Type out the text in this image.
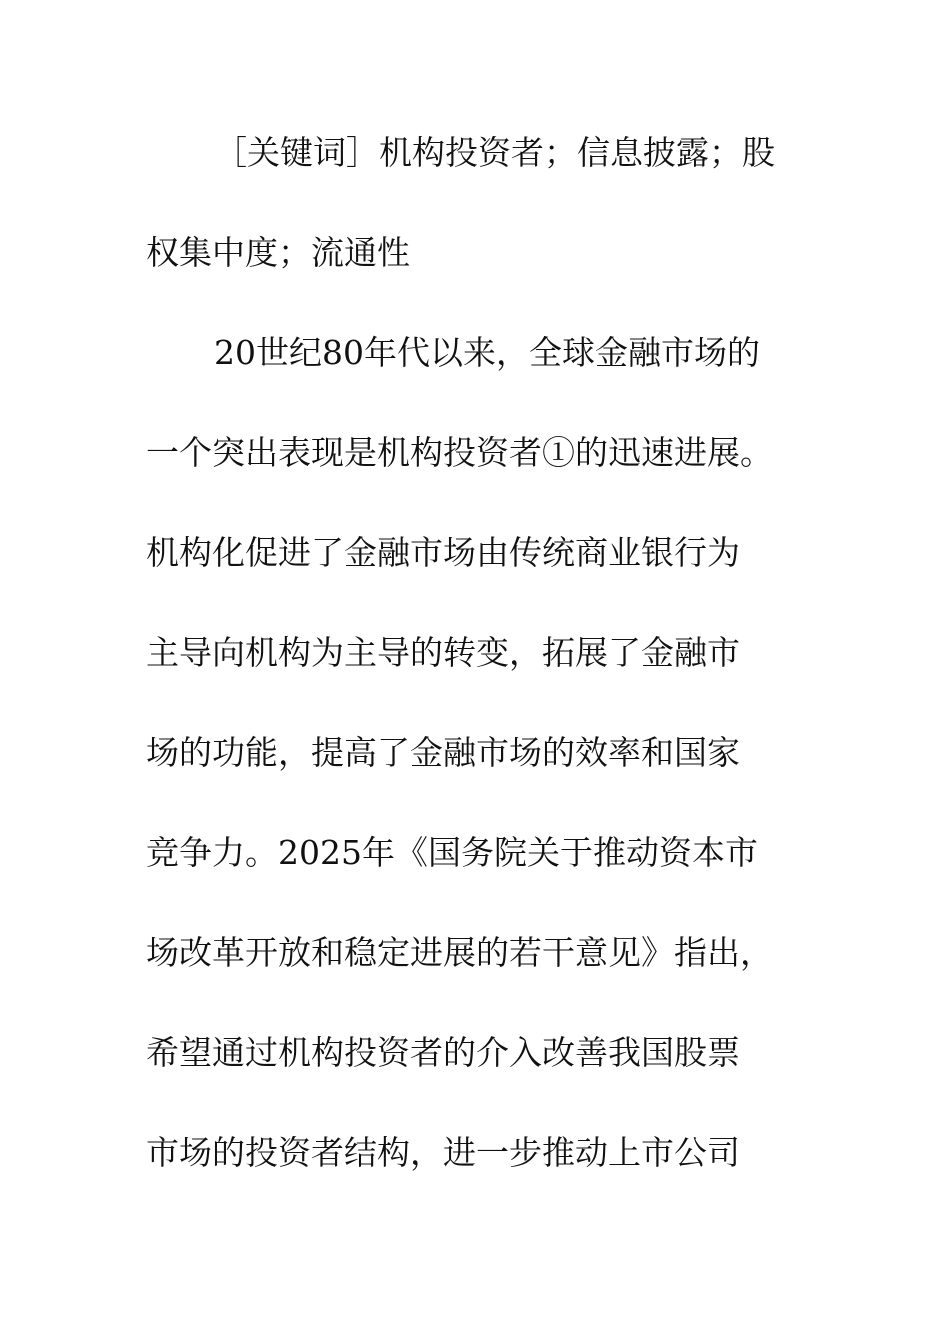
［关键词］机构投资者；信息披露；股
权集中度；流通性
20世纪80年代以来，全球金融市场的
一个突出表现是机构投资者①的迅速进展。
机构化促进了金融市场由传统商业银行为
主导向机构为主导的转变，拓展了金融市
场的功能，提高了金融市场的效率和国家
竞争力。2025年《国务院关于推动资本市
场改革开放和稳定进展的若干意见》指出，
希望通过机构投资者的介入改善我国股票
市场的投资者结构，进一步推动上市公司
